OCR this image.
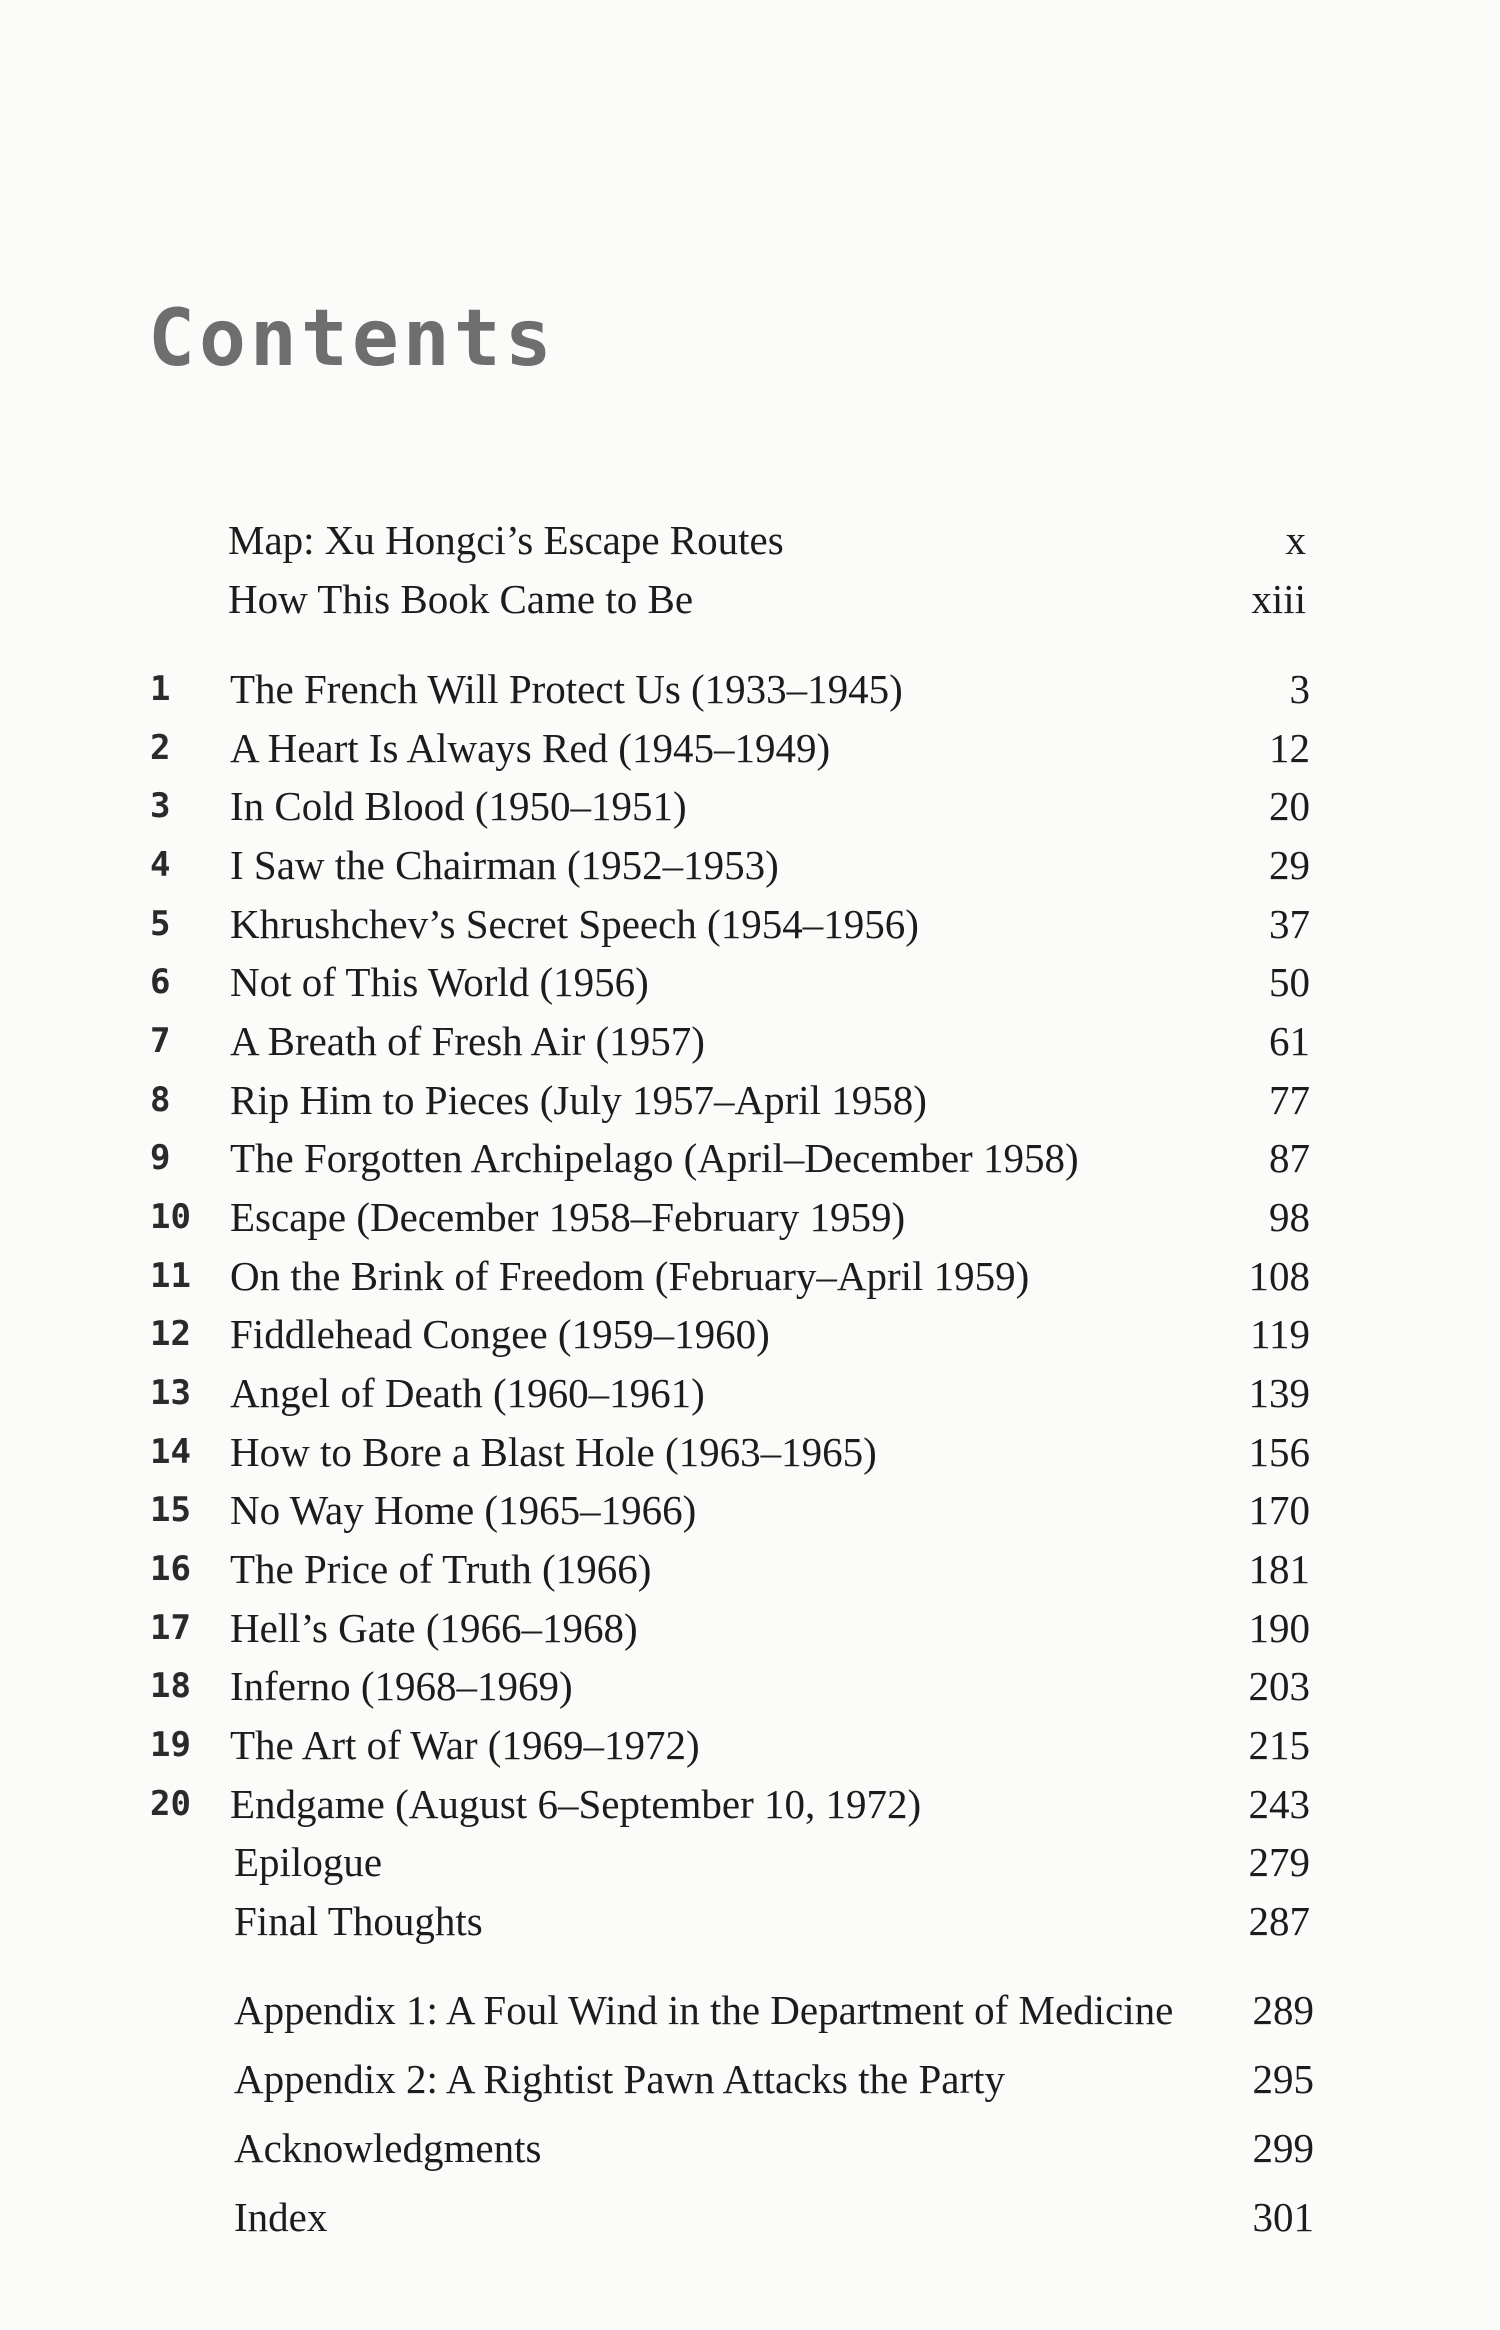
Contents
Map: Xu Hongci’s Escape Routes	x
How This Book Came to Be	xiii
1	The French Will Protect Us (1933–1945)	3
2	A Heart Is Always Red (1945–1949)	12
3	In Cold Blood (1950–1951)	20
4	I Saw the Chairman (1952–1953)	29
5	Khrushchev’s Secret Speech (1954–1956)	37
6	Not of This World (1956)	50
7	A Breath of Fresh Air (1957)	61
8	Rip Him to Pieces (July 1957–April 1958)	77
9	The Forgotten Archipelago (April–December 1958)	87
10 Escape (December 1958–February 1959)	98
11 On the Brink of Freedom (February–April 1959)	108
12 Fiddlehead Congee (1959–1960)	119
13 Angel of Death (1960–1961)	139
14 How to Bore a Blast Hole (1963–1965)	156
15 No Way Home (1965–1966)	170
16 The Price of Truth (1966)	181
17 Hell’s Gate (1966–1968)	190
18 Inferno (1968–1969)	203
19 The Art of War (1969–1972)	215
20 Endgame (August 6–September 10, 1972)	243
Epilogue	279
Final Thoughts	287
Appendix 1: A Foul Wind in the Department of Medicine 289
Appendix 2: A Rightist Pawn Attacks the Party	295
Acknowledgments	299
Index	301
